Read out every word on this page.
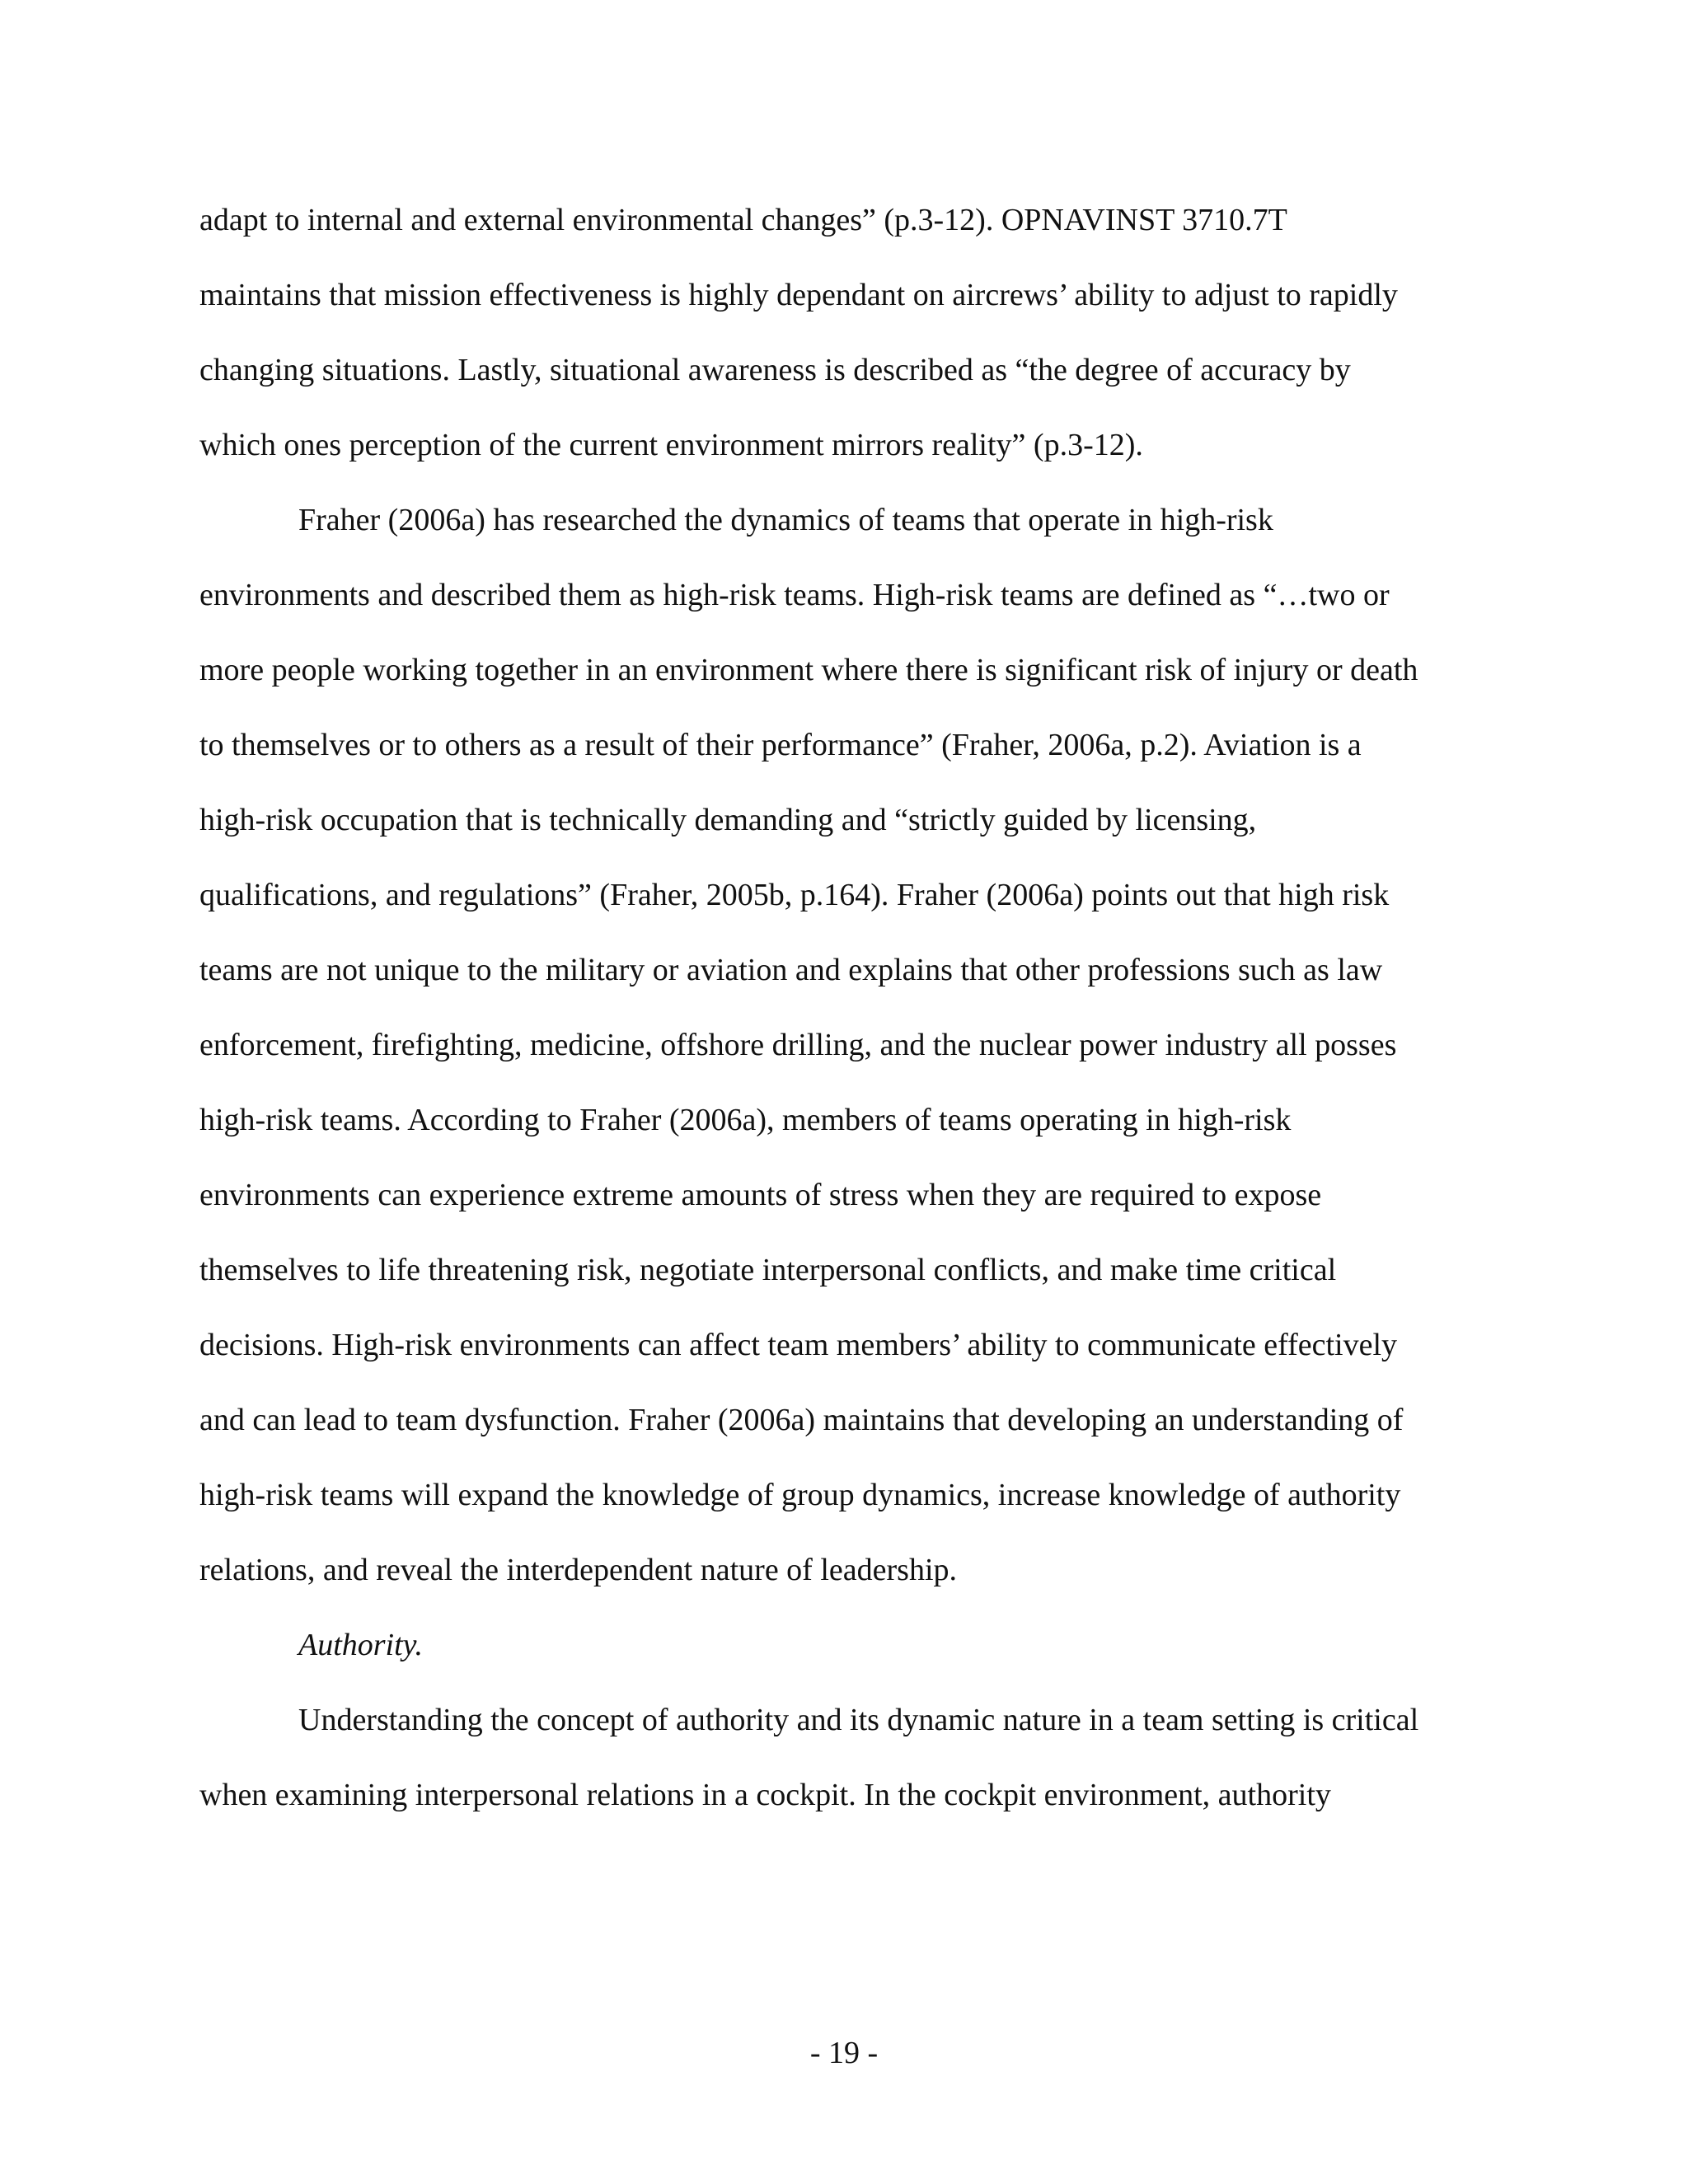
adapt to internal and external environmental changes” (p.3-12). OPNAVINST 3710.7T

maintains that mission effectiveness is highly dependant on aircrews’ ability to adjust to rapidly

changing situations. Lastly, situational awareness is described as “the degree of accuracy by

which ones perception of the current environment mirrors reality” (p.3-12).

Fraher (2006a) has researched the dynamics of teams that operate in high-risk

environments and described them as high-risk teams. High-risk teams are defined as “…two or

more people working together in an environment where there is significant risk of injury or death

to themselves or to others as a result of their performance” (Fraher, 2006a, p.2). Aviation is a

high-risk occupation that is technically demanding and “strictly guided by licensing,

qualifications, and regulations” (Fraher, 2005b, p.164). Fraher (2006a) points out that high risk

teams are not unique to the military or aviation and explains that other professions such as law

enforcement, firefighting, medicine, offshore drilling, and the nuclear power industry all posses

high-risk teams. According to Fraher (2006a), members of teams operating in high-risk

environments can experience extreme amounts of stress when they are required to expose

themselves to life threatening risk, negotiate interpersonal conflicts, and make time critical

decisions. High-risk environments can affect team members’ ability to communicate effectively

and can lead to team dysfunction. Fraher (2006a) maintains that developing an understanding of

high-risk teams will expand the knowledge of group dynamics, increase knowledge of authority

relations, and reveal the interdependent nature of leadership.

Authority.

Understanding the concept of authority and its dynamic nature in a team setting is critical

when examining interpersonal relations in a cockpit. In the cockpit environment, authority

- 19 -
